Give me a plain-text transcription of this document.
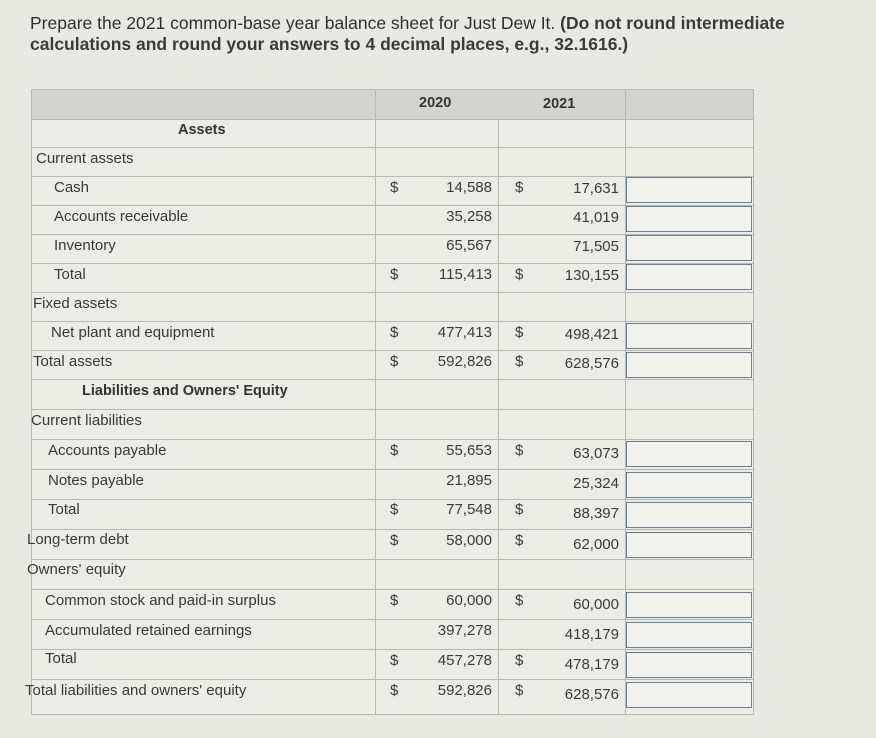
Prepare the 2021 common-base year balance sheet for Just Dew It. (Do not round intermediate calculations and round your answers to 4 decimal places, e.g., 32.1616.)
2020	2021
Assets
Liabilities and Owners' Equity
Current assets
Cash
Accounts receivable
Inventory
Total
Fixed assets
Net plant and equipment
Total assets
Current liabilities
Accounts payable
Notes payable
Total
Long-term debt
Owners' equity
Common stock and paid-in surplus
Accumulated retained earnings
Total
Total liabilities and owners' equity
$
$
$
$
$
$
$
$
$
$
14,588
35,258
65,567
115,413
477,413
592,826
55,653
21,895
77,548
58,000
60,000
397,278
457,278
592,826
$
$
$
$
$
$
$
$
$
$
17,631
41,019
71,505
130,155
498,421
628,576
63,073
25,324
88,397
62,000
60,000
418,179
478,179
628,576
